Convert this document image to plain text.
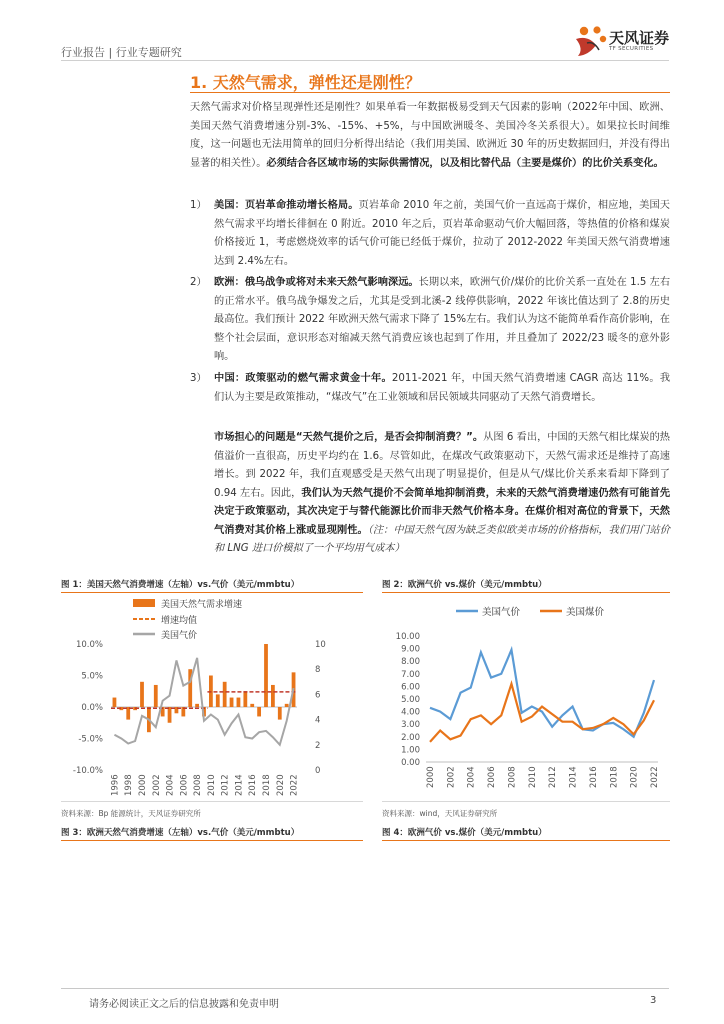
行业报告 | 行业专题研究
天风证券
TF SECURITIES
1. 天然气需求，弹性还是刚性？
天然气需求对价格呈现弹性还是刚性？如果单看一年数据极易受到天气因素的影响（2022年中国、欧洲、美国天然气消费增速分别-3%、-15%、+5%，与中国欧洲暖冬、美国冷冬关系很大）。如果拉长时间维度，这一问题也无法用简单的回归分析得出结论（我们用美国、欧洲近 30 年的历史数据回归，并没有得出显著的相关性）。必须结合各区域市场的实际供需情况，以及相比替代品（主要是煤价）的比价关系变化。
1） 美国：页岩革命推动增长格局。页岩革命 2010 年之前，美国气价一直远高于煤价，相应地，美国天然气需求平均增长徘徊在 0 附近。2010 年之后，页岩革命驱动气价大幅回落，等热值的价格和煤炭价格接近 1，考虑燃烧效率的话气价可能已经低于煤价，拉动了 2012-2022 年美国天然气消费增速达到 2.4%左右。
2） 欧洲：俄乌战争或将对未来天然气影响深远。长期以来，欧洲气价/煤价的比价关系一直处在 1.5 左右的正常水平。俄乌战争爆发之后，尤其是受到北溪-2 线停供影响，2022 年该比值达到了 2.8的历史最高位。我们预计 2022 年欧洲天然气需求下降了 15%左右。我们认为这不能简单看作高价影响，在整个社会层面，意识形态对缩减天然气消费应该也起到了作用，并且叠加了 2022/23 暖冬的意外影响。
3） 中国：政策驱动的燃气需求黄金十年。2011-2021 年，中国天然气消费增速 CAGR 高达 11%。我们认为主要是政策推动，“煤改气”在工业领域和居民领域共同驱动了天然气消费增长。
市场担心的问题是“天然气提价之后，是否会抑制消费？”。从图 6 看出，中国的天然气相比煤炭的热值溢价一直很高，历史平均约在 1.6。尽管如此，在煤改气政策驱动下，天然气需求还是维持了高速增长。到 2022 年，我们直观感受是天然气出现了明显提价，但是从气/煤比价关系来看却下降到了 0.94 左右。因此，我们认为天然气提价不会简单地抑制消费，未来的天然气消费增速仍然有可能首先决定于政策驱动，其次决定于与替代能源比价而非天然气价格本身。在煤价相对高位的背景下，天然气消费对其价格上涨或显现刚性。（注：中国天然气因为缺乏类似欧美市场的价格指标，我们用门站价和 LNG 进口价模拟了一个平均用气成本）
图 1：美国天然气消费增速（左轴）vs.气价（美元/mmbtu）	图 2：欧洲气价 vs.煤价（美元/mmbtu）
美国天然气需求增速
增速均值
美国气价
10.0%
5.0%
0.0%
-5.0%
-10.0%
10
8
6
4
2
0
1996 1998 2000 2002 2004 2006 2008 2010 2012 2014 2016 2018 2020 2022
美国气价	美国煤价
10.00
9.00
8.00
7.00
6.00
5.00
4.00
3.00
2.00
1.00
0.00
2000 2002 2004 2006 2008 2010 2012 2014 2016 2018 2020 2022
资料来源：Bp 能源统计，天风证券研究所	资料来源：wind，天风证券研究所
图 3：欧洲天然气消费增速（左轴）vs.气价（美元/mmbtu）	图 4：欧洲气价 vs.煤价（美元/mmbtu）
请务必阅读正文之后的信息披露和免责申明	3
